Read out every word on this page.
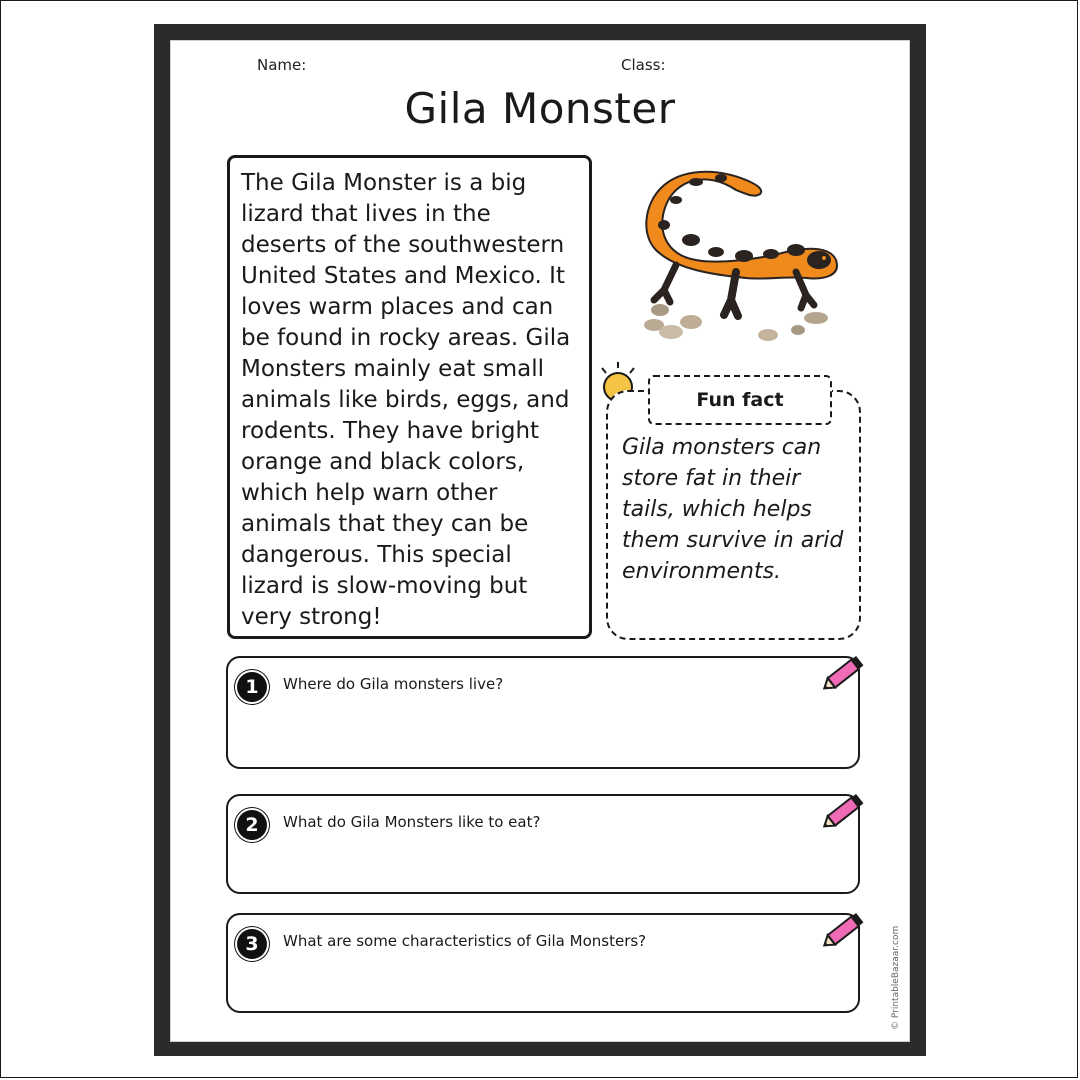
Name:	Class:
Gila Monster

The Gila Monster is a big lizard that lives in the deserts of the southwestern United States and Mexico. It loves warm places and can be found in rocky areas. Gila Monsters mainly eat small animals like birds, eggs, and rodents. They have bright orange and black colors, which help warn other animals that they can be dangerous. This special lizard is slow-moving but very strong!

Fun fact

Gila monsters can store fat in their tails, which helps them survive in arid environments.

1	Where do Gila monsters live?
2	What do Gila Monsters like to eat?
3	What are some characteristics of Gila Monsters?	© PrintableBazaar.com
